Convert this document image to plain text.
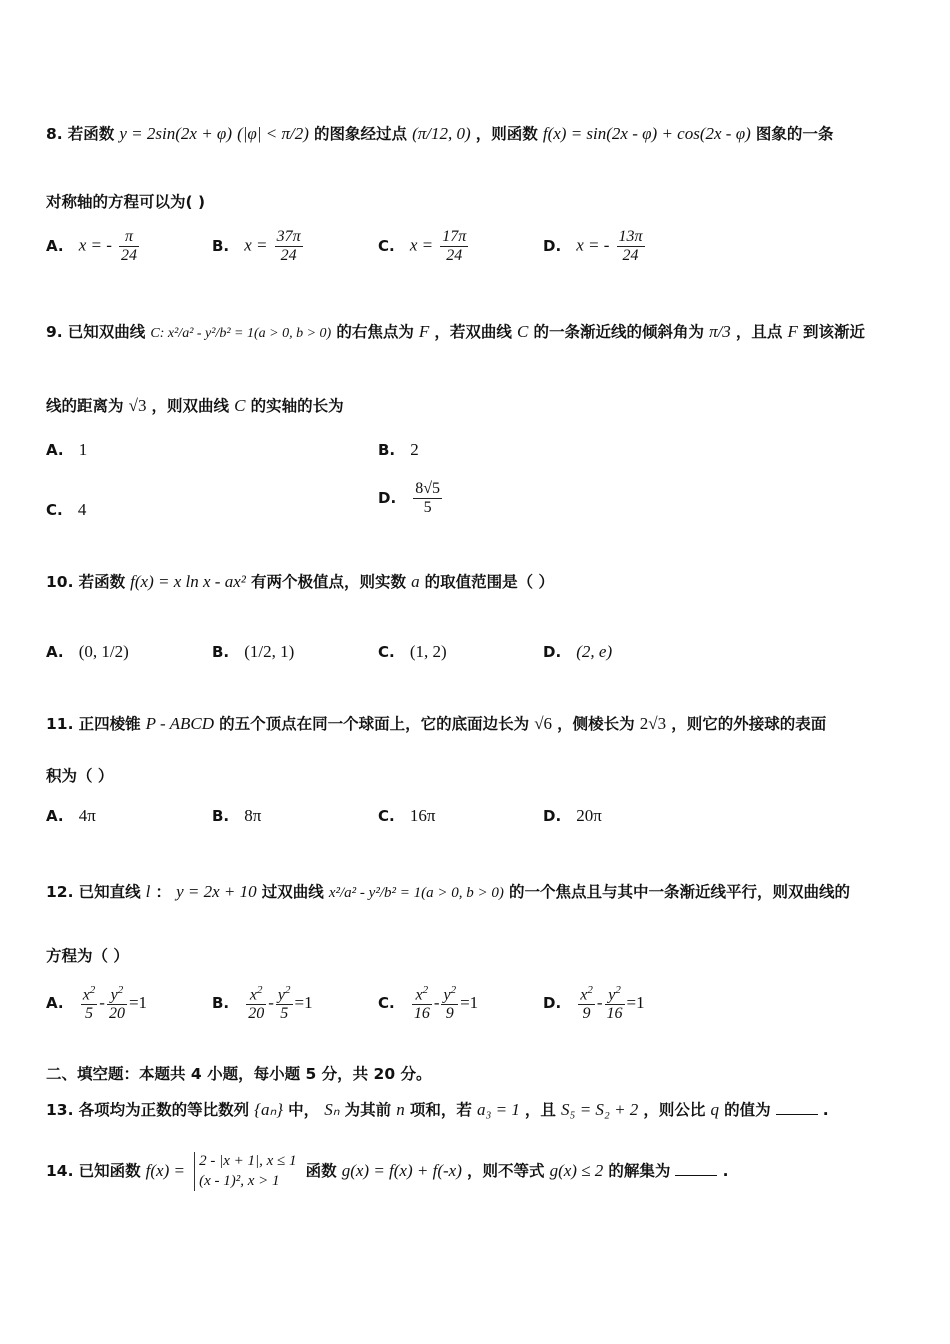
8. 若函数 y = 2sin(2x + φ) (|φ| < π/2) 的图象经过点 (π/12, 0) ，则函数 f(x) = sin(2x - φ) + cos(2x - φ) 图象的一条
对称轴的方程可以为( )
A. x = - $\frac{\pi}{24}$	B. $x = \frac{37\pi}{24}$	C. $x = \frac{17\pi}{24}$	D. x = - $\frac{13\pi}{24}$
9. 已知双曲线 C: x²/a² - y²/b² = 1(a > 0, b > 0) 的右焦点为 F ，若双曲线 C 的一条渐近线的倾斜角为 π/3 ，且点 F 到该渐近
线的距离为 √3 ，则双曲线 C 的实轴的长为
A. 1	B. 2
C. 4
D. $\frac{8√5}{5}$
10. 若函数 f(x) = x ln x - ax² 有两个极值点，则实数 a 的取值范围是（ ）
A. (0, 1/2)	B. (1/2, 1)	C. (1, 2)	D. (2, e)
11. 正四棱锥 P - ABCD 的五个顶点在同一个球面上，它的底面边长为 √6 ，侧棱长为 2√3 ，则它的外接球的表面
积为（ ）
A. 4π	B. 8π	C. 16π	D. 20π
12. 已知直线 l ： y = 2x + 10 过双曲线 x²/a² - y²/b² = 1(a > 0, b > 0) 的一个焦点且与其中一条渐近线平行，则双曲线的
方程为（ ）
A. $\frac{x^2}{5} - \frac{y^2}{20} =1$	B. $\frac{x^2}{20} - \frac{y^2}{5} =1$	C. $\frac{x^2}{16} - \frac{y^2}{9} =1$	D. $\frac{x^2}{9} - \frac{y^2}{16} =1$
二、填空题：本题共 4 小题，每小题 5 分，共 20 分。
13. 各项均为正数的等比数列 {aₙ} 中， Sₙ 为其前 n 项和，若 a₃ = 1 ，且 S₅ = S₂ + 2 ，则公比 q 的值为	.
14. 已知函数 f(x) = 2 - |x + 1|, x ≤ 1
(x - 1)², x > 1
函数 g(x) = f(x) + f(-x) ，则不等式 g(x) ≤ 2 的解集为	.
